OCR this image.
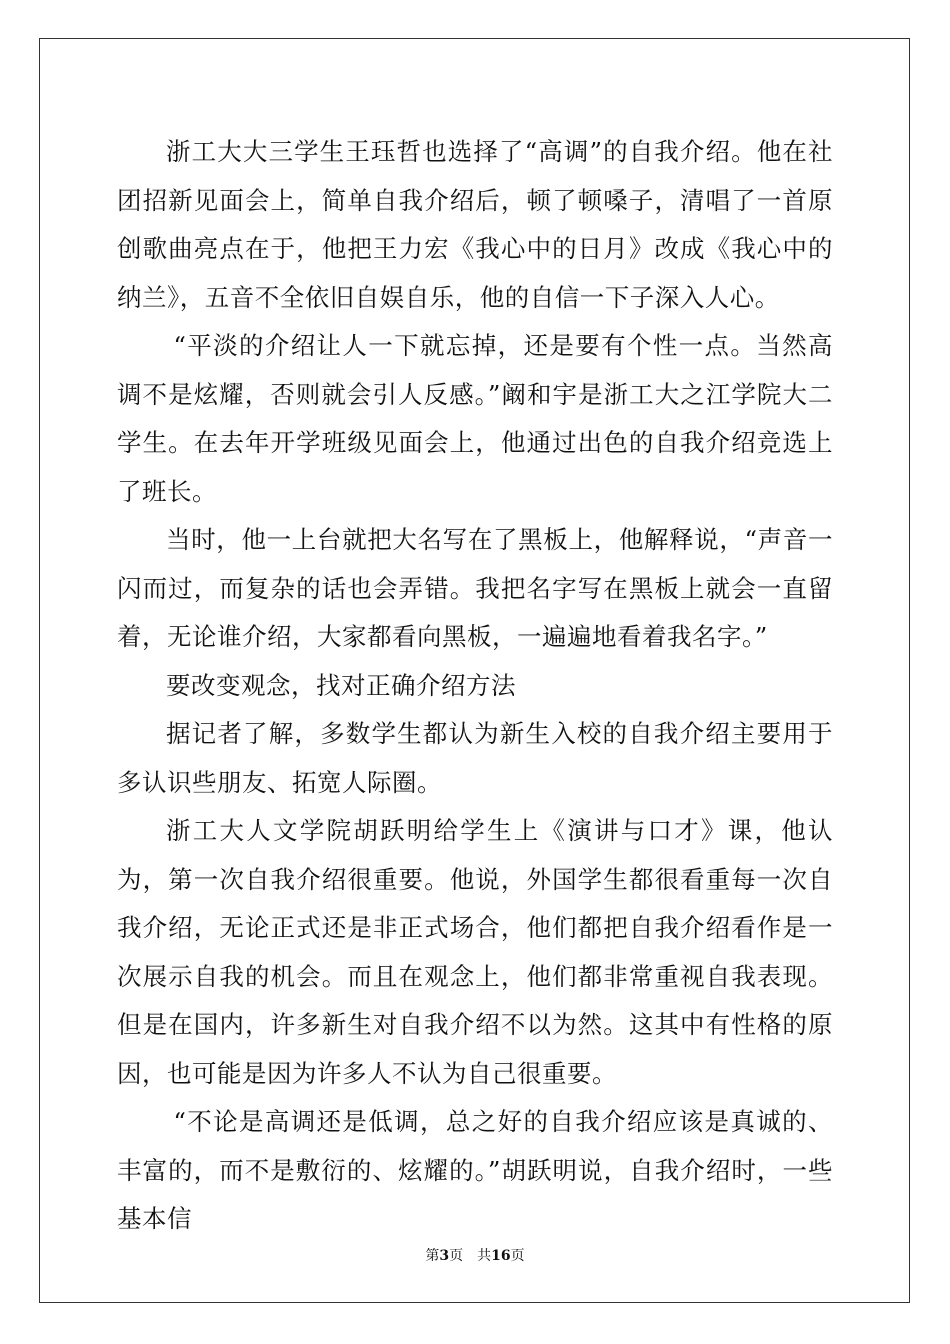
浙工大大三学生王珏哲也选择了“高调”的自我介绍。他在社团招新见面会上，简单自我介绍后，顿了顿嗓子，清唱了一首原创歌曲亮点在于，他把王力宏《我心中的日月》改成《我心中的纳兰》，五音不全依旧自娱自乐，他的自信一下子深入人心。

“平淡的介绍让人一下就忘掉，还是要有个性一点。当然高调不是炫耀，否则就会引人反感。”阚和宇是浙工大之江学院大二学生。在去年开学班级见面会上，他通过出色的自我介绍竞选上了班长。

当时，他一上台就把大名写在了黑板上，他解释说，“声音一闪而过，而复杂的话也会弄错。我把名字写在黑板上就会一直留着，无论谁介绍，大家都看向黑板，一遍遍地看着我名字。”

要改变观念，找对正确介绍方法

据记者了解，多数学生都认为新生入校的自我介绍主要用于多认识些朋友、拓宽人际圈。

浙工大人文学院胡跃明给学生上《演讲与口才》课，他认为，第一次自我介绍很重要。他说，外国学生都很看重每一次自我介绍，无论正式还是非正式场合，他们都把自我介绍看作是一次展示自我的机会。而且在观念上，他们都非常重视自我表现。但是在国内，许多新生对自我介绍不以为然。这其中有性格的原因，也可能是因为许多人不认为自己很重要。

“不论是高调还是低调，总之好的自我介绍应该是真诚的、丰富的，而不是敷衍的、炫耀的。”胡跃明说，自我介绍时，一些基本信

第3页 共16页
